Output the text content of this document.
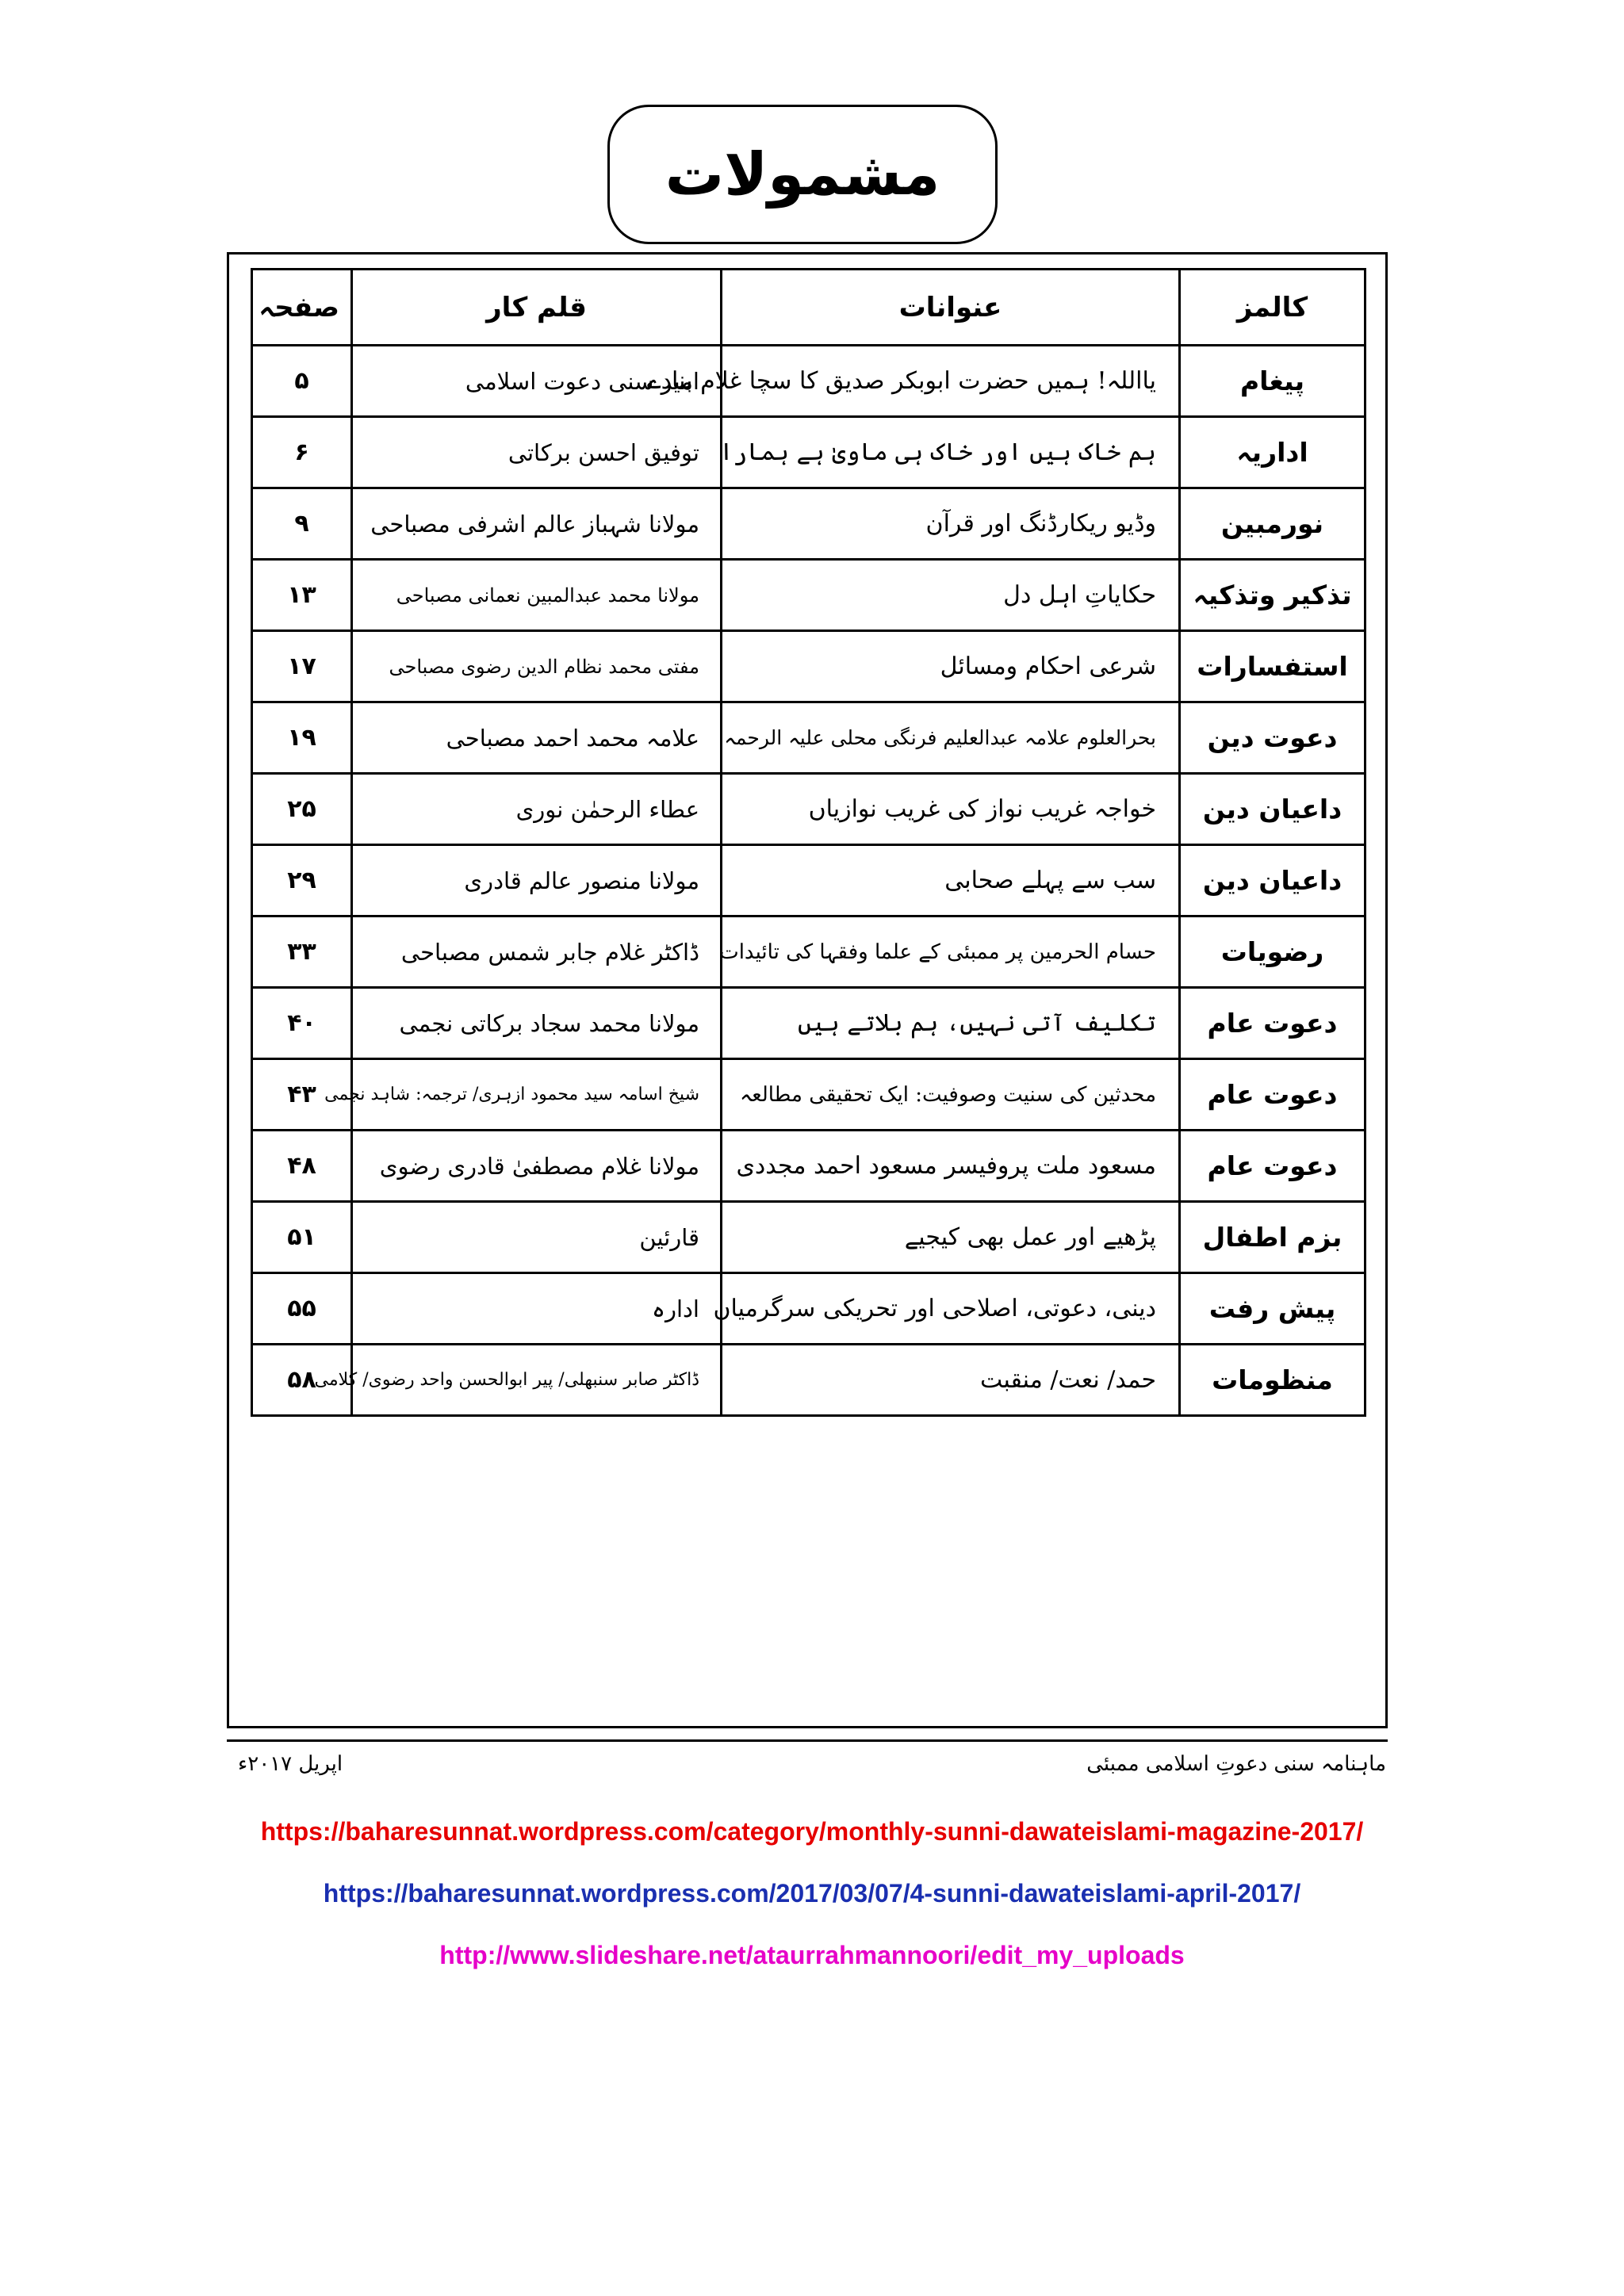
مشمولات
کالمز	عنوانات	قلم کار	صفحہ
پیغام	یااللہ! ہمیں حضرت ابوبکر صدیق کا سچا غلام بنادے	امیر سنی دعوت اسلامی	۵
اداریہ	ہم خاک ہیں اور خاک ہی ماویٰ ہے ہمارا	توفیق احسن برکاتی	۶
نورمبین	وڈیو ریکارڈنگ اور قرآن	مولانا شہباز عالم اشرفی مصباحی	۹
تذکیر وتذکیہ	حکایاتِ اہل دل	مولانا محمد عبدالمبین نعمانی مصباحی	۱۳
استفسارات	شرعی احکام ومسائل	مفتی محمد نظام الدین رضوی مصباحی	۱۷
دعوت دین	بحرالعلوم علامہ عبدالعلیم فرنگی محلی علیہ الرحمہ	علامہ محمد احمد مصباحی	۱۹
داعیان دین	خواجہ غریب نواز کی غریب نوازیاں	عطاء الرحمٰن نوری	۲۵
داعیان دین	سب سے پہلے صحابی	مولانا منصور عالم قادری	۲۹
رضویات	حسام الحرمین پر ممبئی کے علما وفقہا کی تائیدات	ڈاکٹر غلام جابر شمس مصباحی	۳۳
دعوت عام	تکلیف آتی نہیں، ہم بلاتے ہیں	مولانا محمد سجاد برکاتی نجمی	۴۰
دعوت عام	محدثین کی سنیت وصوفیت: ایک تحقیقی مطالعہ	شیخ اسامہ سید محمود ازہری/ ترجمہ: شاہد نجمی	۴۳
دعوت عام	مسعود ملت پروفیسر مسعود احمد مجددی	مولانا غلام مصطفیٰ قادری رضوی	۴۸
بزم اطفال	پڑھیے اور عمل بھی کیجیے	قارئین	۵۱
پیش رفت	دینی، دعوتی، اصلاحی اور تحریکی سرگرمیاں	ادارہ	۵۵
منظومات	حمد/ نعت/ منقبت	ڈاکٹر صابر سنبھلی/ پیر ابوالحسن واحد رضوی/ کلامی	۵۸
اپریل ۲۰۱۷ء	ماہنامہ سنی دعوتِ اسلامی ممبئی
https://baharesunnat.wordpress.com/category/monthly-sunni-dawateislami-magazine-2017/
https://baharesunnat.wordpress.com/2017/03/07/4-sunni-dawateislami-april-2017/
http://www.slideshare.net/ataurrahmannoori/edit_my_uploads
